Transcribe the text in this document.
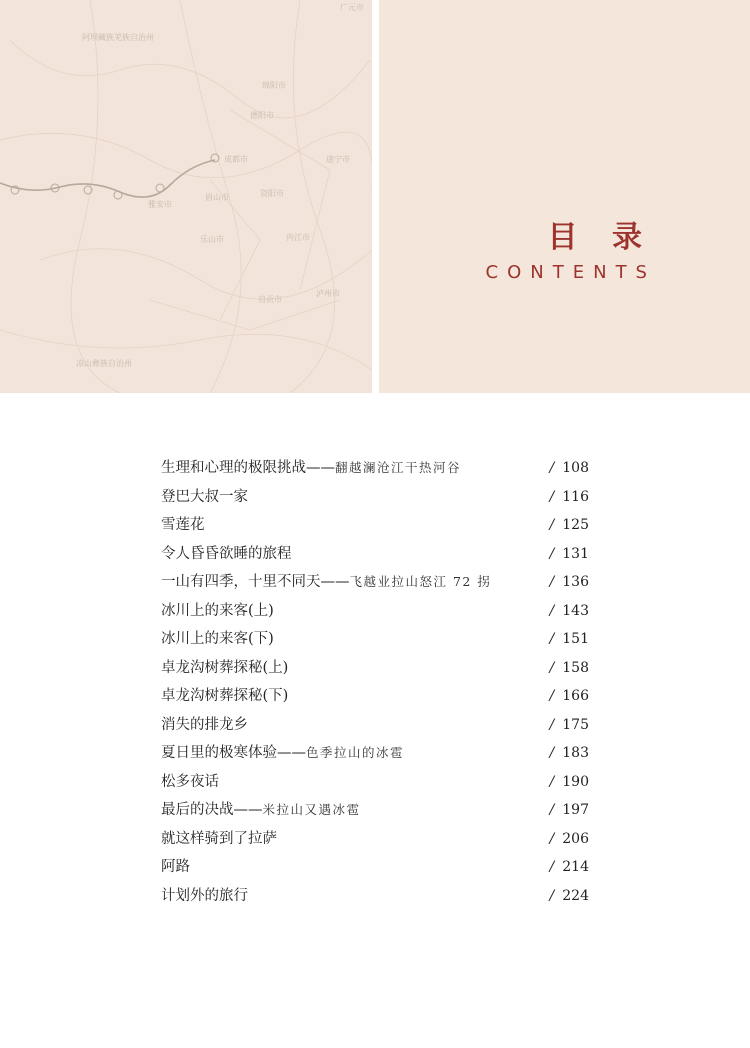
阿坝藏族羌族自治州
德阳市
绵阳市
成都市	遂宁市
雅安市
眉山市	资阳市
乐山市	内江市
自贡市
泸州市
凉山彝族自治州
广元市
目 录

CONTENTS

生理和心理的极限挑战——翻越澜沧江干热河谷	/ 108
登巴大叔一家	/ 116
雪莲花	/ 125
令人昏昏欲睡的旅程	/ 131
一山有四季，十里不同天——飞越业拉山怒江 72 拐	/ 136
冰川上的来客(上)	/ 143
冰川上的来客(下)	/ 151
卓龙沟树葬探秘(上)	/ 158
卓龙沟树葬探秘(下)	/ 166
消失的排龙乡	/ 175
夏日里的极寒体验——色季拉山的冰雹	/ 183
松多夜话	/ 190
最后的决战——米拉山又遇冰雹	/ 197
就这样骑到了拉萨	/ 206
阿路	/ 214
计划外的旅行	/ 224
